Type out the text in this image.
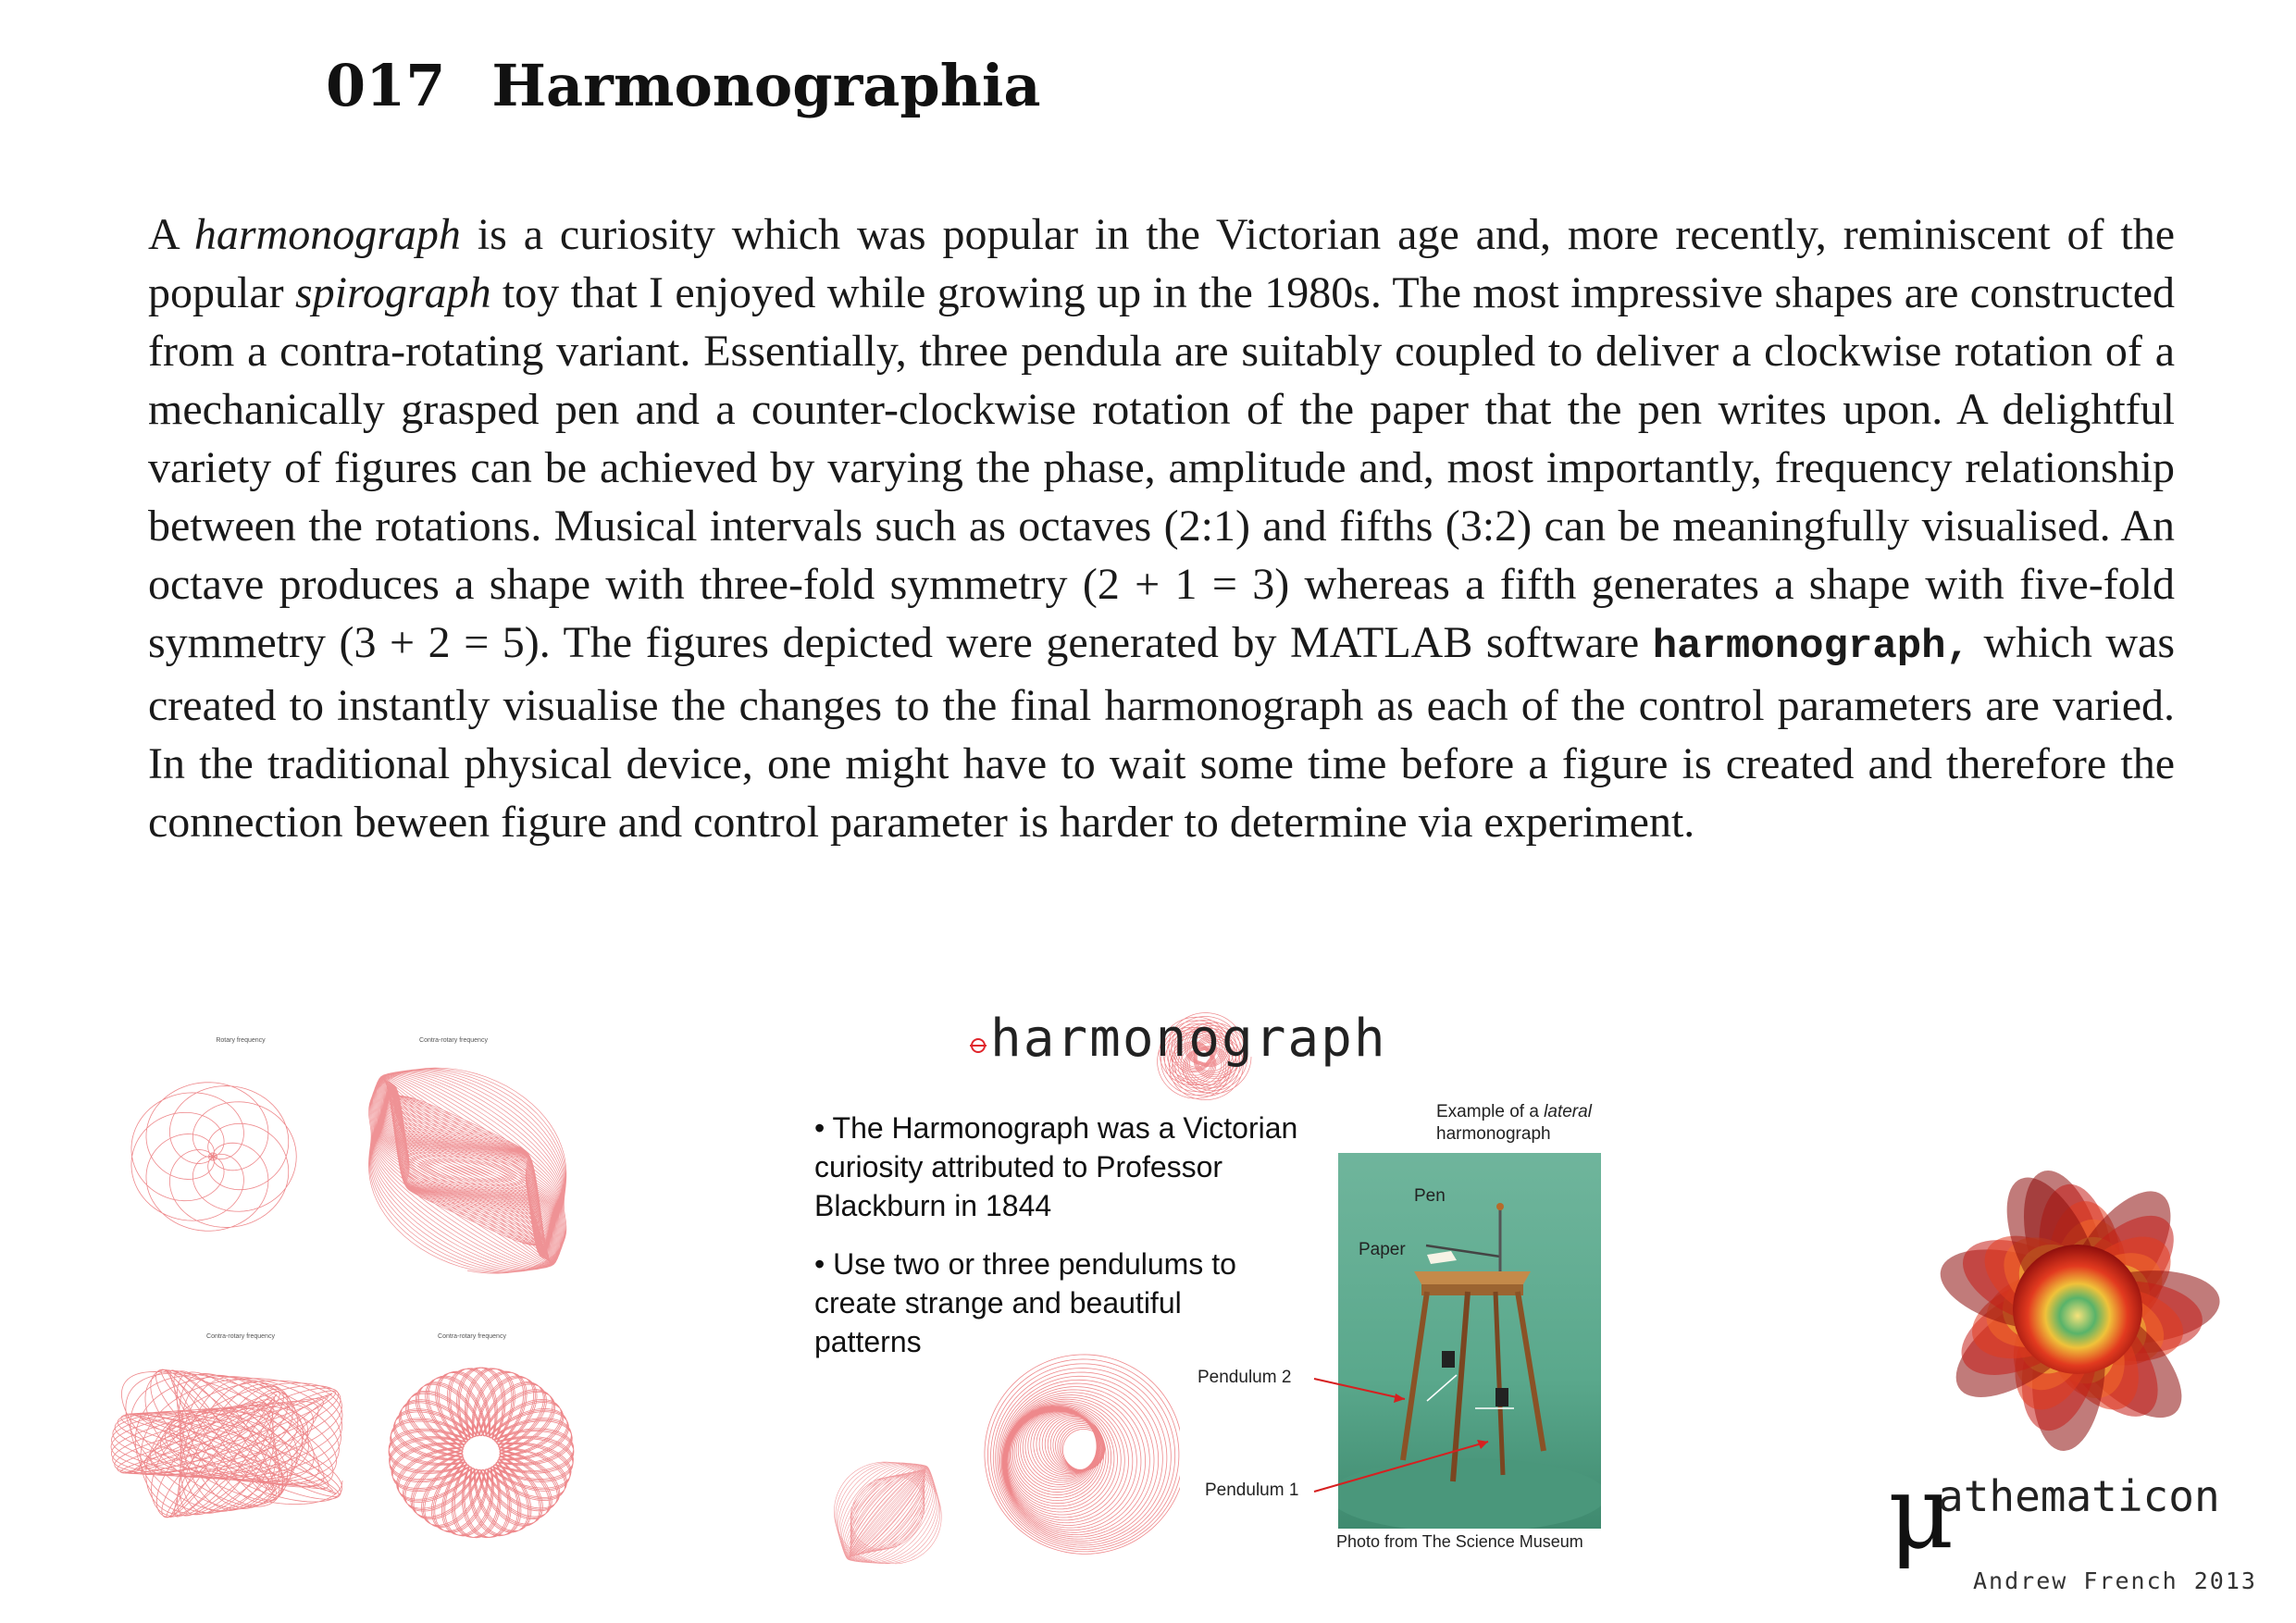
017 Harmonographia
A harmonograph is a curiosity which was popular in the Victorian age and, more recently, reminiscent of the popular spirograph toy that I enjoyed while growing up in the 1980s. The most impressive shapes are constructed from a contra-rotating variant. Essentially, three pendula are suitably coupled to deliver a clockwise rotation of a mechanically grasped pen and a counter-clockwise rotation of the paper that the pen writes upon. A delightful variety of figures can be achieved by varying the phase, amplitude and, most importantly, frequency relationship between the rotations. Musical intervals such as octaves (2:1) and fifths (3:2) can be meaningfully visualised. An octave produces a shape with three-fold symmetry (2 + 1 = 3) whereas a fifth generates a shape with five-fold symmetry (3 + 2 = 5). The figures depicted were generated by MATLAB software harmonograph, which was created to instantly visualise the changes to the final harmonograph as each of the control parameters are varied. In the traditional physical device, one might have to wait some time before a figure is created and therefore the connection beween figure and control parameter is harder to determine via experiment.
Rotary frequency	Contra-rotary frequency
Contra-rotary frequency	Contra-rotary frequency
harmonograph
• The Harmonograph was a Victorian curiosity attributed to Professor Blackburn in 1844
• Use two or three pendulums to create strange and beautiful patterns
Example of a lateral
harmonograph
Pen
Paper
Pendulum 2
Pendulum 1
Photo from The Science Museum	μ
athematicon
Andrew French 2013
